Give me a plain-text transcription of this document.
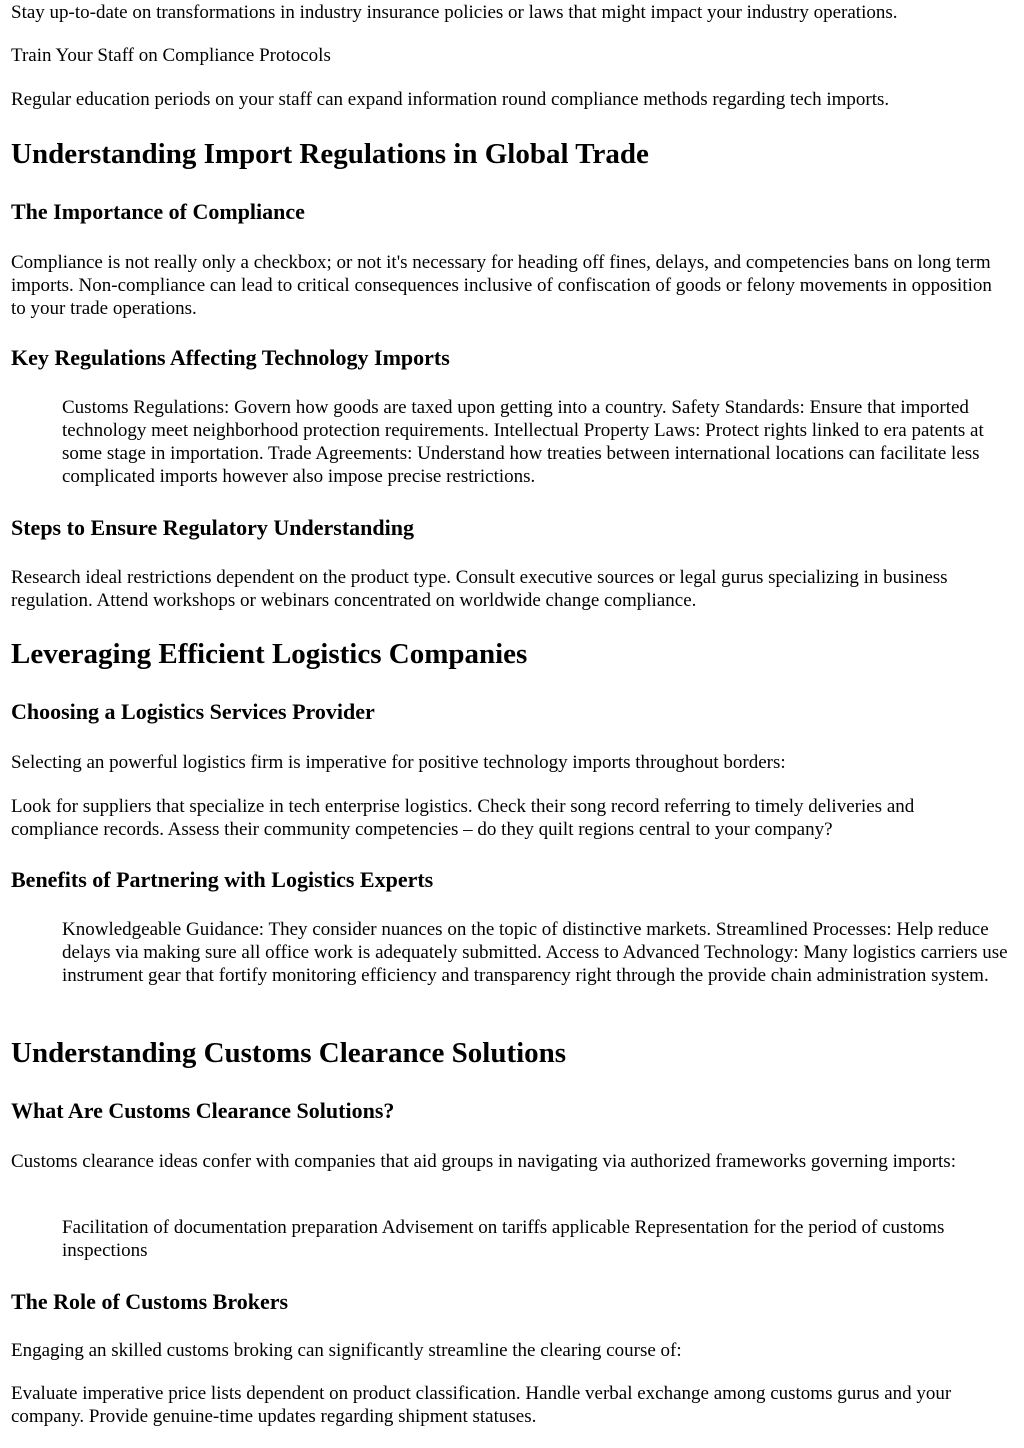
Stay up-to-date on transformations in industry insurance policies or laws that might impact your industry operations.

Train Your Staff on Compliance Protocols

Regular education periods on your staff can expand information round compliance methods regarding tech imports.

Understanding Import Regulations in Global Trade
The Importance of Compliance

Compliance is not really only a checkbox; or not it's necessary for heading off fines, delays, and competencies bans on long term imports. Non-compliance can lead to critical consequences inclusive of confiscation of goods or felony movements in opposition to your trade operations.

Key Regulations Affecting Technology Imports
Customs Regulations: Govern how goods are taxed upon getting into a country. Safety Standards: Ensure that imported technology meet neighborhood protection requirements. Intellectual Property Laws: Protect rights linked to era patents at some stage in importation. Trade Agreements: Understand how treaties between international locations can facilitate less complicated imports however also impose precise restrictions.
Steps to Ensure Regulatory Understanding

Research ideal restrictions dependent on the product type. Consult executive sources or legal gurus specializing in business regulation. Attend workshops or webinars concentrated on worldwide change compliance.

Leveraging Efficient Logistics Companies
Choosing a Logistics Services Provider

Selecting an powerful logistics firm is imperative for positive technology imports throughout borders:

Look for suppliers that specialize in tech enterprise logistics. Check their song record referring to timely deliveries and compliance records. Assess their community competencies – do they quilt regions central to your company?

Benefits of Partnering with Logistics Experts
Knowledgeable Guidance: They consider nuances on the topic of distinctive markets. Streamlined Processes: Help reduce delays via making sure all office work is adequately submitted. Access to Advanced Technology: Many logistics carriers use instrument gear that fortify monitoring efficiency and transparency right through the provide chain administration system.
Understanding Customs Clearance Solutions
What Are Customs Clearance Solutions?

Customs clearance ideas confer with companies that aid groups in navigating via authorized frameworks governing imports:

Facilitation of documentation preparation Advisement on tariffs applicable Representation for the period of customs inspections
The Role of Customs Brokers

Engaging an skilled customs broking can significantly streamline the clearing course of:

Evaluate imperative price lists dependent on product classification. Handle verbal exchange among customs gurus and your company. Provide genuine-time updates regarding shipment statuses.
